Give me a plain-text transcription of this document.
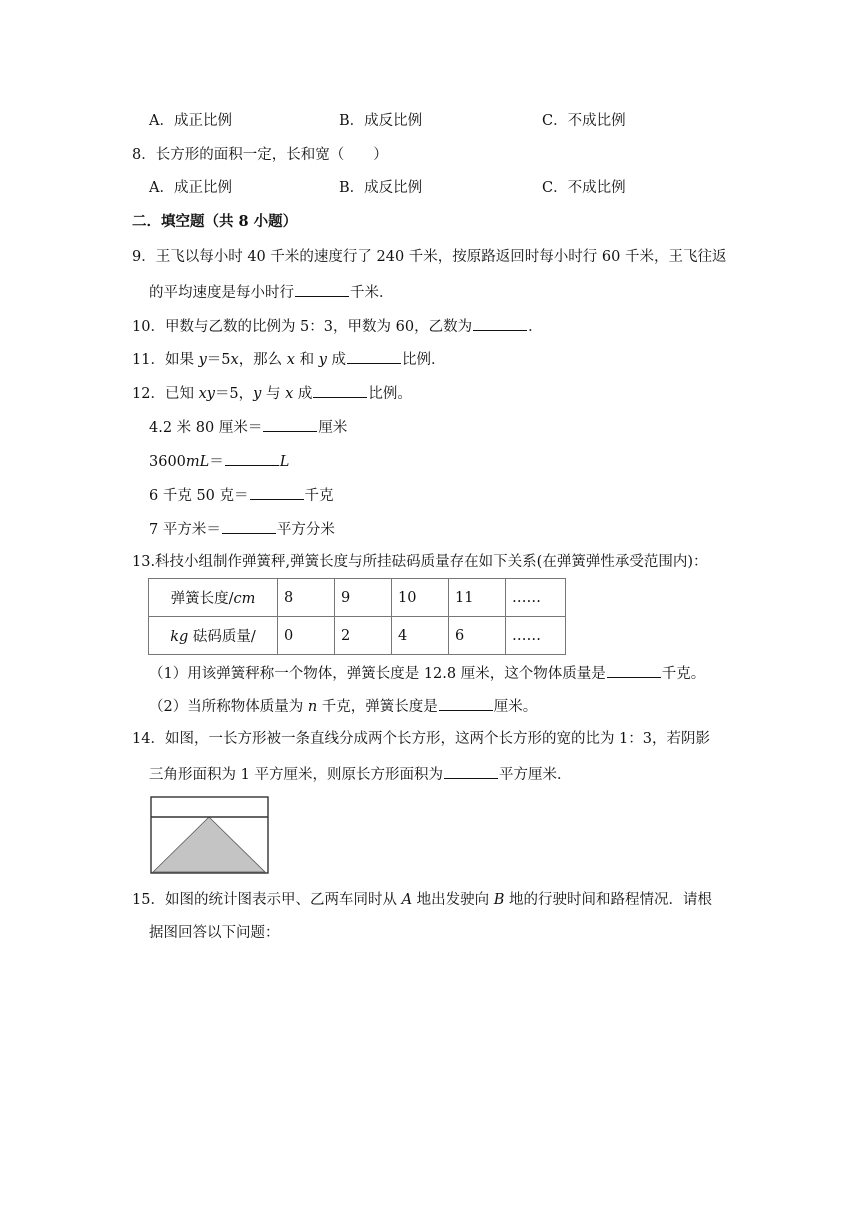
A．成正比例	B．成反比例	C．不成比例
8．长方形的面积一定，长和宽（　　）
A．成正比例	B．成反比例	C．不成比例
二．填空题（共 8 小题）
9．王飞以每小时 40 千米的速度行了 240 千米，按原路返回时每小时行 60 千米，王飞往返
的平均速度是每小时行	千米．
10．甲数与乙数的比例为 5：3，甲数为 60，乙数为	．
11．如果 y＝5x，那么 x 和 y 成	比例．
12．已知 xy＝5，y 与 x 成	比例。
4.2 米 80 厘米＝	厘米
3600mL＝	L
6 千克 50 克＝	千克
7 平方米＝	平方分米
13.科技小组制作弹簧秤,弹簧长度与所挂砝码质量存在如下关系(在弹簧弹性承受范围内)：
弹簧长度/cm	8	9	10	11	……
kg 砝码质量/	0	2	4	6	……
（1）用该弹簧秤称一个物体，弹簧长度是 12.8 厘米，这个物体质量是	千克。
（2）当所称物体质量为 n 千克，弹簧长度是	厘米。
14．如图，一长方形被一条直线分成两个长方形，这两个长方形的宽的比为 1：3，若阴影
三角形面积为 1 平方厘米，则原长方形面积为	平方厘米．
15．如图的统计图表示甲、乙两车同时从 A 地出发驶向 B 地的行驶时间和路程情况．请根
据图回答以下问题：
